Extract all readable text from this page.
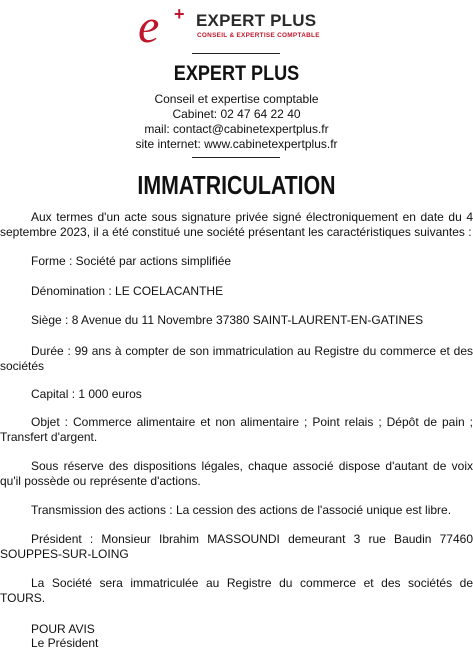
e + EXPERT PLUS
CONSEIL & EXPERTISE COMPTABLE
EXPERT PLUS
Conseil et expertise comptable
Cabinet: 02 47 64 22 40
mail: contact@cabinetexpertplus.fr
site internet: www.cabinetexpertplus.fr
IMMATRICULATION

Aux termes d'un acte sous signature privée signé électroniquement en date du 4 septembre 2023, il a été constitué une société présentant les caractéristiques suivantes :

Forme : Société par actions simplifiée

Dénomination : LE COELACANTHE

Siège : 8 Avenue du 11 Novembre 37380 SAINT-LAURENT-EN-GATINES

Durée : 99 ans à compter de son immatriculation au Registre du commerce et des sociétés

Capital : 1 000 euros

Objet : Commerce alimentaire et non alimentaire ; Point relais ; Dépôt de pain ; Transfert d'argent.

Sous réserve des dispositions légales, chaque associé dispose d'autant de voix qu'il possède ou représente d'actions.

Transmission des actions : La cession des actions de l'associé unique est libre.

Président : Monsieur Ibrahim MASSOUNDI demeurant 3 rue Baudin 77460 SOUPPES-SUR-LOING

La Société sera immatriculée au Registre du commerce et des sociétés de TOURS.

POUR AVIS
Le Président
